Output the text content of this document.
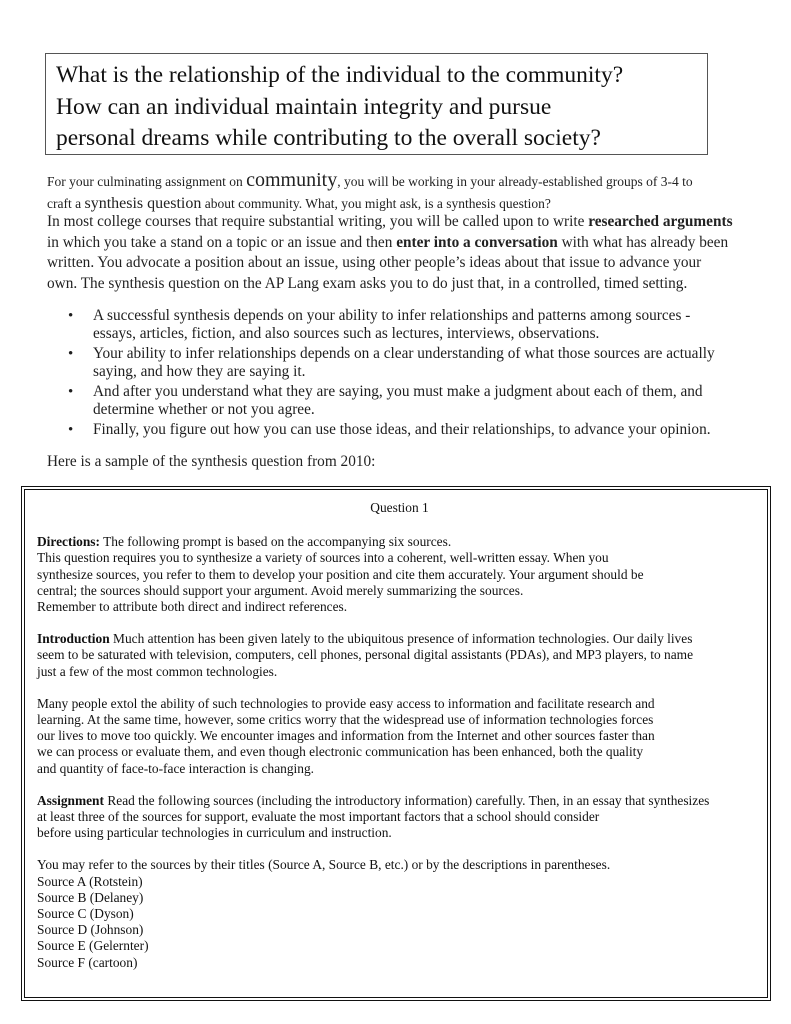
What is the relationship of the individual to the community?
How can an individual maintain integrity and pursue
personal dreams while contributing to the overall society?
For your culminating assignment on community, you will be working in your already-established groups of 3-4 to
craft a synthesis question about community. What, you might ask, is a synthesis question?
In most college courses that require substantial writing, you will be called upon to write researched arguments
in which you take a stand on a topic or an issue and then enter into a conversation with what has already been
written. You advocate a position about an issue, using other people’s ideas about that issue to advance your
own. The synthesis question on the AP Lang exam asks you to do just that, in a controlled, timed setting.
• A successful synthesis depends on your ability to infer relationships and patterns among sources -
essays, articles, fiction, and also sources such as lectures, interviews, observations.
• Your ability to infer relationships depends on a clear understanding of what those sources are actually
saying, and how they are saying it.
• And after you understand what they are saying, you must make a judgment about each of them, and
determine whether or not you agree.
• Finally, you figure out how you can use those ideas, and their relationships, to advance your opinion.
Here is a sample of the synthesis question from 2010:
Question 1
Directions: The following prompt is based on the accompanying six sources.
This question requires you to synthesize a variety of sources into a coherent, well-written essay. When you
synthesize sources, you refer to them to develop your position and cite them accurately. Your argument should be
central; the sources should support your argument. Avoid merely summarizing the sources.
Remember to attribute both direct and indirect references.
Introduction Much attention has been given lately to the ubiquitous presence of information technologies. Our daily lives
seem to be saturated with television, computers, cell phones, personal digital assistants (PDAs), and MP3 players, to name
just a few of the most common technologies.
Many people extol the ability of such technologies to provide easy access to information and facilitate research and
learning. At the same time, however, some critics worry that the widespread use of information technologies forces
our lives to move too quickly. We encounter images and information from the Internet and other sources faster than
we can process or evaluate them, and even though electronic communication has been enhanced, both the quality
and quantity of face-to-face interaction is changing.
Assignment Read the following sources (including the introductory information) carefully. Then, in an essay that synthesizes
at least three of the sources for support, evaluate the most important factors that a school should consider
before using particular technologies in curriculum and instruction.
You may refer to the sources by their titles (Source A, Source B, etc.) or by the descriptions in parentheses.
Source A (Rotstein)
Source B (Delaney)
Source C (Dyson)
Source D (Johnson)
Source E (Gelernter)
Source F (cartoon)
